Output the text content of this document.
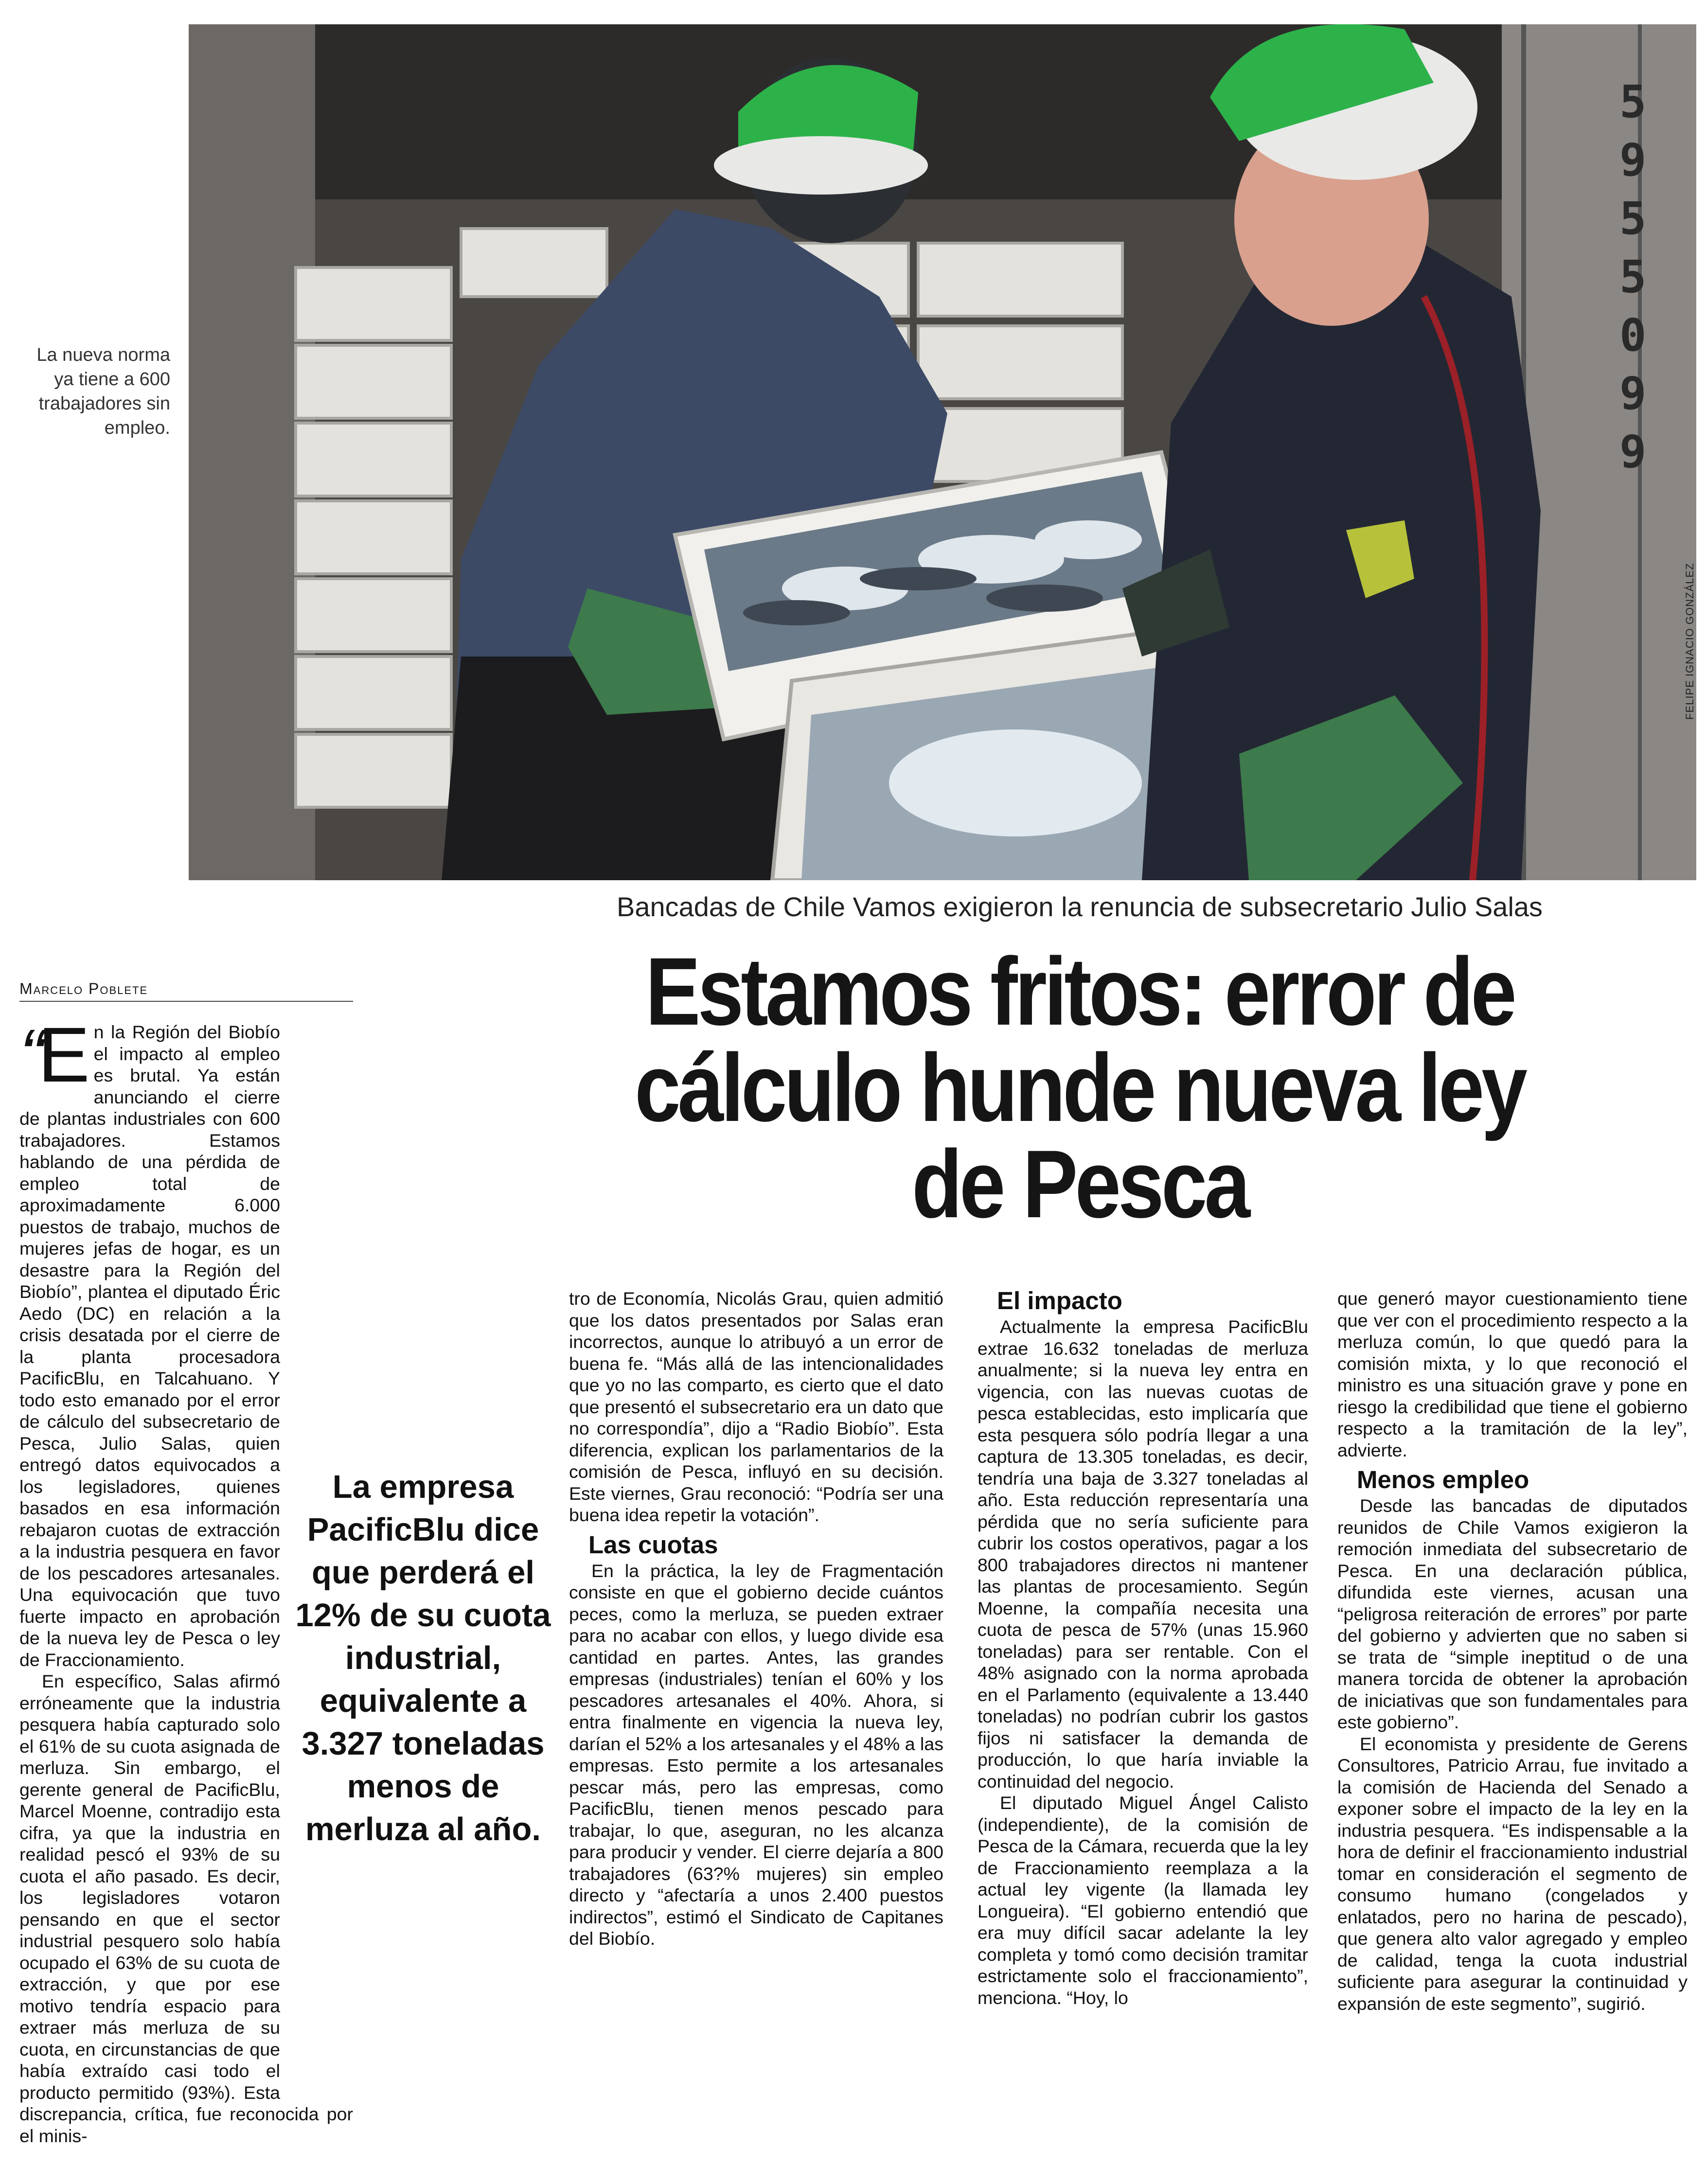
59550 9 9
FELIPE IGNACIO GONZÁLEZ
La nueva norma ya tiene a 600 trabajadores sin empleo.
Bancadas de Chile Vamos exigieron la renuncia de subsecretario Julio Salas
Estamos fritos: error de
cálculo hunde nueva ley
de Pesca
Marcelo Poblete
“E n la Región del Biobío el impacto al empleo es brutal. Ya están anunciando el cierre de plantas industriales con 600 trabajadores. Estamos hablando de una pérdida de empleo total de aproximadamente 6.000 puestos de trabajo, muchos de mujeres jefas de hogar, es un desastre para la Región del Biobío”, plantea el diputado Éric Aedo (DC) en relación a la crisis desatada por el cierre de la planta procesadora PacificBlu, en Talcahuano. Y todo esto emanado por el error de cálculo del subsecretario de Pesca, Julio Salas, quien entregó datos equivocados a los legisladores, quienes basados en esa información rebajaron cuotas de extracción a la industria pesquera en favor de los pescadores artesanales. Una equivocación que tuvo fuerte impacto en aprobación de la nueva ley de Pesca o ley de Fraccionamiento.

En específico, Salas afirmó erróneamente que la industria pesquera había capturado solo el 61% de su cuota asignada de merluza. Sin embargo, el gerente general de PacificBlu, Marcel Moenne, contradijo esta cifra, ya que la industria en realidad pescó el 93% de su cuota el año pasado. Es decir, los legisladores votaron pensando en que el sector industrial pesquero solo había ocupado el 63% de su cuota de extracción, y que por ese motivo tendría espacio para extraer más merluza de su cuota, en circunstancias de que había extraído casi todo el producto permitido (93%). Esta discrepancia, crítica, fue reconocida por el minis-

La empresa PacificBlu dice que perderá el 12% de su cuota industrial, equivalente a 3.327 toneladas menos de merluza al año.

tro de Economía, Nicolás Grau, quien admitió que los datos presentados por Salas eran incorrectos, aunque lo atribuyó a un error de buena fe. “Más allá de las intencionalidades que yo no las comparto, es cierto que el dato que presentó el subsecretario era un dato que no correspondía”, dijo a “Radio Biobío”. Esta diferencia, explican los parlamentarios de la comisión de Pesca, influyó en su decisión. Este viernes, Grau reconoció: “Podría ser una buena idea repetir la votación”.

Las cuotas

En la práctica, la ley de Fragmentación consiste en que el gobierno decide cuántos peces, como la merluza, se pueden extraer para no acabar con ellos, y luego divide esa cantidad en partes. Antes, las grandes empresas (industriales) tenían el 60% y los pescadores artesanales el 40%. Ahora, si entra finalmente en vigencia la nueva ley, darían el 52% a los artesanales y el 48% a las empresas. Esto permite a los artesanales pescar más, pero las empresas, como PacificBlu, tienen menos pescado para trabajar, lo que, aseguran, no les alcanza para producir y vender. El cierre dejaría a 800 trabajadores (63?% mujeres) sin empleo directo y “afectaría a unos 2.400 puestos indirectos”, estimó el Sindicato de Capitanes del Biobío.

El impacto

Actualmente la empresa PacificBlu extrae 16.632 toneladas de merluza anualmente; si la nueva ley entra en vigencia, con las nuevas cuotas de pesca establecidas, esto implicaría que esta pesquera sólo podría llegar a una captura de 13.305 toneladas, es decir, tendría una baja de 3.327 toneladas al año. Esta reducción representaría una pérdida que no sería suficiente para cubrir los costos operativos, pagar a los 800 trabajadores directos ni mantener las plantas de procesamiento. Según Moenne, la compañía necesita una cuota de pesca de 57% (unas 15.960 toneladas) para ser rentable. Con el 48% asignado con la norma aprobada en el Parlamento (equivalente a 13.440 toneladas) no podrían cubrir los gastos fijos ni satisfacer la demanda de producción, lo que haría inviable la continuidad del negocio.

El diputado Miguel Ángel Calisto (independiente), de la comisión de Pesca de la Cámara, recuerda que la ley de Fraccionamiento reemplaza a la actual ley vigente (la llamada ley Longueira). “El gobierno entendió que era muy difícil sacar adelante la ley completa y tomó como decisión tramitar estrictamente solo el fraccionamiento”, menciona. “Hoy, lo

que generó mayor cuestionamiento tiene que ver con el procedimiento respecto a la merluza común, lo que quedó para la comisión mixta, y lo que reconoció el ministro es una situación grave y pone en riesgo la credibilidad que tiene el gobierno respecto a la tramitación de la ley”, advierte.

Menos empleo

Desde las bancadas de diputados reunidos de Chile Vamos exigieron la remoción inmediata del subsecretario de Pesca. En una declaración pública, difundida este viernes, acusan una “peligrosa reiteración de errores” por parte del gobierno y advierten que no saben si se trata de “simple ineptitud o de una manera torcida de obtener la aprobación de iniciativas que son fundamentales para este gobierno”.

El economista y presidente de Gerens Consultores, Patricio Arrau, fue invitado a la comisión de Hacienda del Senado a exponer sobre el impacto de la ley en la industria pesquera. “Es indispensable a la hora de definir el fraccionamiento industrial tomar en consideración el segmento de consumo humano (congelados y enlatados, pero no harina de pescado), que genera alto valor agregado y empleo de calidad, tenga la cuota industrial suficiente para asegurar la continuidad y expansión de este segmento”, sugirió.
